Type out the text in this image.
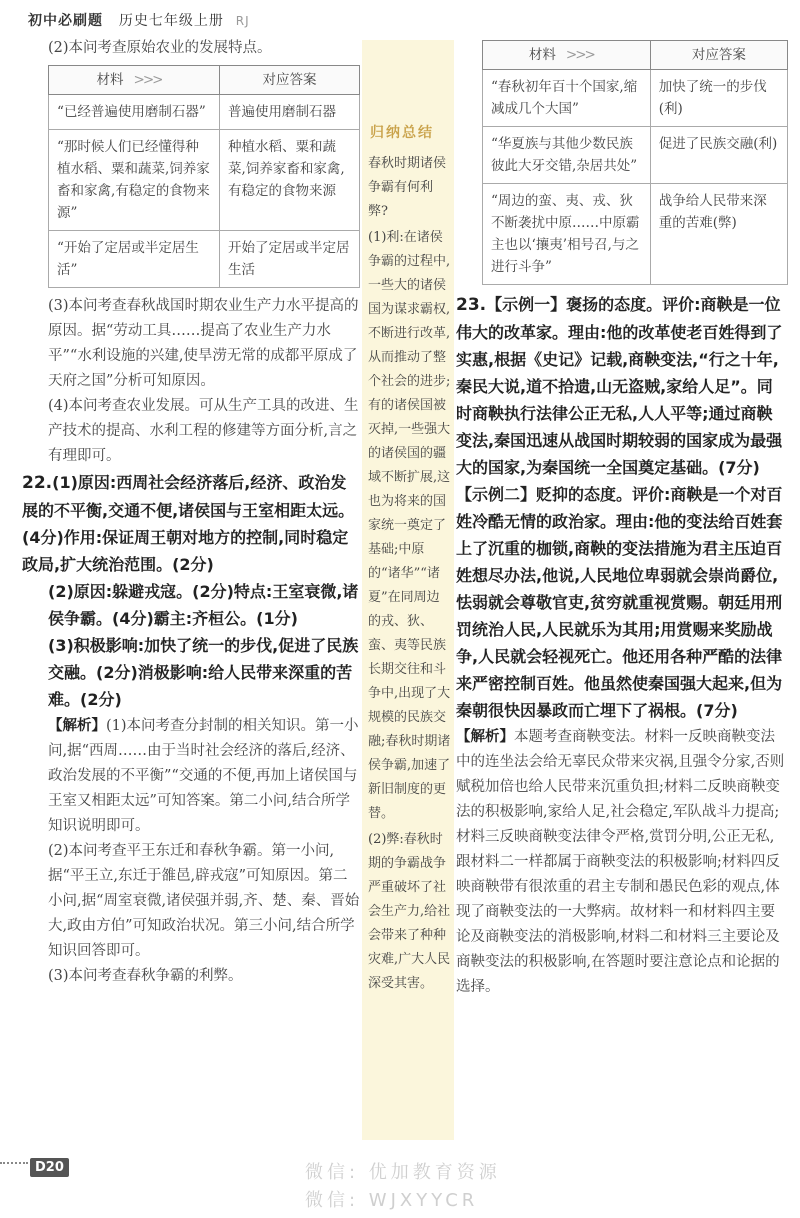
初中必刷题 历史七年级上册 RJ
归纳总结

春秋时期诸侯争霸有何利弊?

(1)利:在诸侯争霸的过程中,一些大的诸侯国为谋求霸权,不断进行改革,从而推动了整个社会的进步;有的诸侯国被灭掉,一些强大的诸侯国的疆域不断扩展,这也为将来的国家统一奠定了基础;中原的“诸华”“诸夏”在同周边的戎、狄、蛮、夷等民族长期交往和斗争中,出现了大规模的民族交融;春秋时期诸侯争霸,加速了新旧制度的更替。

(2)弊:春秋时期的争霸战争严重破坏了社会生产力,给社会带来了种种灾难,广大人民深受其害。

(2)本问考查原始农业的发展特点。

材料 >>>	对应答案
“已经普遍使用磨制石器”	普遍使用磨制石器
“那时候人们已经懂得种植水稻、粟和蔬菜,饲养家畜和家禽,有稳定的食物来源”	种植水稻、粟和蔬菜,饲养家畜和家禽,有稳定的食物来源
“开始了定居或半定居生活”	开始了定居或半定居生活

(3)本问考查春秋战国时期农业生产力水平提高的原因。据“劳动工具……提高了农业生产力水平”“水利设施的兴建,使旱涝无常的成都平原成了天府之国”分析可知原因。

(4)本问考查农业发展。可从生产工具的改进、生产技术的提高、水利工程的修建等方面分析,言之有理即可。

22.(1)原因:西周社会经济落后,经济、政治发展的不平衡,交通不便,诸侯国与王室相距太远。(4分)作用:保证周王朝对地方的控制,同时稳定政局,扩大统治范围。(2分)

(2)原因:躲避戎寇。(2分)特点:王室衰微,诸侯争霸。(4分)霸主:齐桓公。(1分)

(3)积极影响:加快了统一的步伐,促进了民族交融。(2分)消极影响:给人民带来深重的苦难。(2分)

【解析】(1)本问考查分封制的相关知识。第一小问,据“西周……由于当时社会经济的落后,经济、政治发展的不平衡”“交通的不便,再加上诸侯国与王室又相距太远”可知答案。第二小问,结合所学知识说明即可。

(2)本问考查平王东迁和春秋争霸。第一小问,据“平王立,东迁于雒邑,辟戎寇”可知原因。第二小问,据“周室衰微,诸侯强并弱,齐、楚、秦、晋始大,政由方伯”可知政治状况。第三小问,结合所学知识回答即可。

(3)本问考查春秋争霸的利弊。

材料 >>>	对应答案
“春秋初年百十个国家,缩减成几个大国”	加快了统一的步伐(利)
“华夏族与其他少数民族彼此大牙交错,杂居共处”	促进了民族交融(利)
“周边的蛮、夷、戎、狄不断袭扰中原……中原霸主也以‘攘夷’相号召,与之进行斗争”	战争给人民带来深重的苦难(弊)

23.【示例一】褒扬的态度。评价:商鞅是一位伟大的改革家。理由:他的改革使老百姓得到了实惠,根据《史记》记载,商鞅变法,“行之十年,秦民大说,道不拾遗,山无盗贼,家给人足”。同时商鞅执行法律公正无私,人人平等;通过商鞅变法,秦国迅速从战国时期较弱的国家成为最强大的国家,为秦国统一全国奠定基础。(7分)

【示例二】贬抑的态度。评价:商鞅是一个对百姓冷酷无情的政治家。理由:他的变法给百姓套上了沉重的枷锁,商鞅的变法措施为君主压迫百姓想尽办法,他说,人民地位卑弱就会崇尚爵位,怯弱就会尊敬官吏,贫穷就重视赏赐。朝廷用刑罚统治人民,人民就乐为其用;用赏赐来奖励战争,人民就会轻视死亡。他还用各种严酷的法律来严密控制百姓。他虽然使秦国强大起来,但为秦朝很快因暴政而亡埋下了祸根。(7分)

【解析】本题考查商鞅变法。材料一反映商鞅变法中的连坐法会给无辜民众带来灾祸,且强令分家,否则赋税加倍也给人民带来沉重负担;材料二反映商鞅变法的积极影响,家给人足,社会稳定,军队战斗力提高;材料三反映商鞅变法律令严格,赏罚分明,公正无私,跟材料二一样都属于商鞅变法的积极影响;材料四反映商鞅带有很浓重的君主专制和愚民色彩的观点,体现了商鞅变法的一大弊病。故材料一和材料四主要论及商鞅变法的消极影响,材料二和材料三主要论及商鞅变法的积极影响,在答题时要注意论点和论据的选择。

D20	微信: 优加教育资源
微信: WJXYYCR
